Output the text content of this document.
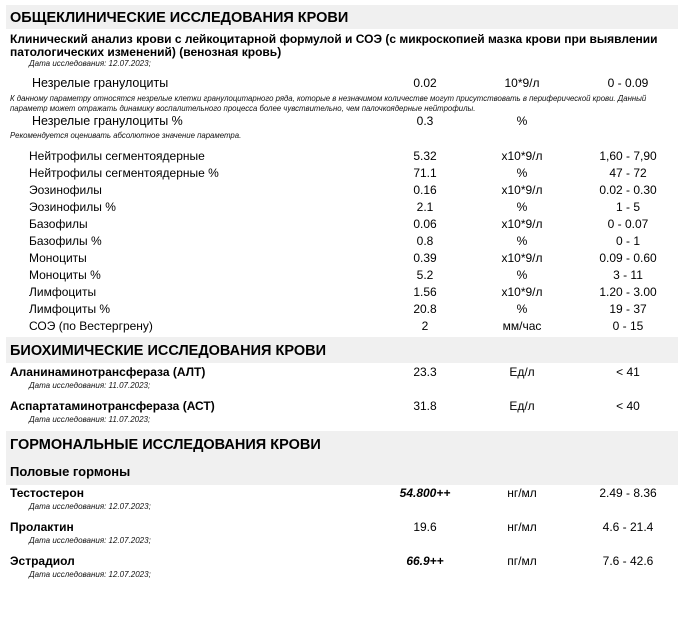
ОБЩЕКЛИНИЧЕСКИЕ ИССЛЕДОВАНИЯ КРОВИ
Клинический анализ крови с лейкоцитарной формулой и СОЭ (с микроскопией мазка крови при выявлении патологических изменений) (венозная кровь)
Дата исследования: 12.07.2023;
Незрелые гранулоциты	0.02	10*9/л	0 - 0.09
К данному параметру относятся незрелые клетки гранулоцитарного ряда, которые в незначимом количестве могут присутствовать в периферической крови. Данный параметр может отражать динамику воспалительного процесса более чувствительно, чем палочкоядерные нейтрофилы.
Незрелые гранулоциты %	0.3	%
Рекомендуется оценивать абсолютное значение параметра.
Нейтрофилы сегментоядерные	5.32	x10*9/л	1,60 - 7,90
Нейтрофилы сегментоядерные %	71.1	%	47 - 72
Эозинофилы	0.16	x10*9/л	0.02 - 0.30
Эозинофилы %	2.1	%	1 - 5
Базофилы	0.06	x10*9/л	0 - 0.07
Базофилы %	0.8	%	0 - 1
Моноциты	0.39	x10*9/л	0.09 - 0.60
Моноциты %	5.2	%	3 - 11
Лимфоциты	1.56	x10*9/л	1.20 - 3.00
Лимфоциты %	20.8	%	19 - 37
СОЭ (по Вестергрену)	2	мм/час	0 - 15
БИОХИМИЧЕСКИЕ ИССЛЕДОВАНИЯ КРОВИ
Аланинаминотрансфераза (АЛТ)	23.3	Ед/л	< 41
Дата исследования: 11.07.2023;
Аспартатаминотрансфераза (АСТ)	31.8	Ед/л	< 40
Дата исследования: 11.07.2023;
ГОРМОНАЛЬНЫЕ ИССЛЕДОВАНИЯ КРОВИ
Половые гормоны
Тестостерон	54.800++	нг/мл	2.49 - 8.36
Дата исследования: 12.07.2023;
Пролактин	19.6	нг/мл	4.6 - 21.4
Дата исследования: 12.07.2023;
Эстрадиол	66.9++	пг/мл	7.6 - 42.6
Дата исследования: 12.07.2023;
